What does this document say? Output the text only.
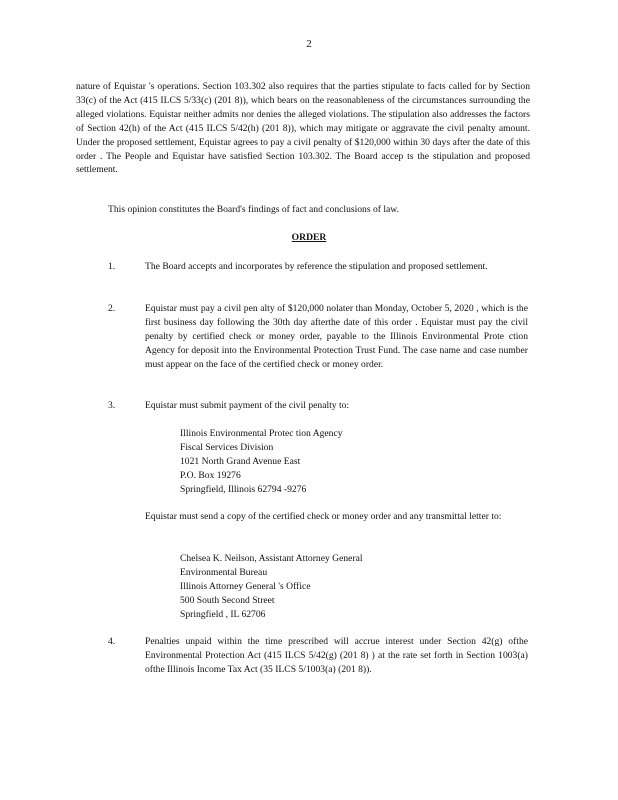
2

nature of Equistar 's operations. Section 103.302 also requires that the parties stipulate to facts called for by Section 33(c) of the Act (415 ILCS 5/33(c) (201 8)), which bears on the reasonableness of the circumstances surrounding the alleged violations. Equistar neither admits nor denies the alleged violations. The stipulation also addresses the factors of Section 42(h) of the Act (415 ILCS 5/42(h) (201 8)), which may mitigate or aggravate the civil penalty amount. Under the proposed settlement, Equistar agrees to pay a civil penalty of $120,000 within 30 days after the date of this order . The People and Equistar have satisfied Section 103.302. The Board accep ts the stipulation and proposed settlement.

This opinion constitutes the Board's findings of fact and conclusions of law.

ORDER
1.	The Board accepts and incorporates by reference the stipulation and proposed settlement.

2.	Equistar must pay a civil pen alty of $120,000 nolater than Monday, October 5, 2020 , which is the first business day following the 30th day afterthe date of this order . Equistar must pay the civil penalty by certified check or money order, payable to the Illinois Environmental Prote ction Agency for deposit into the Environmental Protection Trust Fund. The case name and case number must appear on the face of the certified check or money order.

3.	Equistar must submit payment of the civil penalty to:

Illinois Environmental Protec tion Agency
Fiscal Services Division
1021 North Grand Avenue East
P.O. Box 19276
Springfield, Illinois 62794 -9276

Equistar must send a copy of the certified check or money order and any transmittal letter to:

Chelsea K. Neilson, Assistant Attorney General
Environmental Bureau
Illinois Attorney General 's Office
500 South Second Street
Springfield , IL 62706
4.	Penalties unpaid within the time prescribed will accrue interest under Section 42(g) ofthe Environmental Protection Act (415 ILCS 5/42(g) (201 8) ) at the rate set forth in Section 1003(a) ofthe Illinois Income Tax Act (35 ILCS 5/1003(a) (201 8)).
